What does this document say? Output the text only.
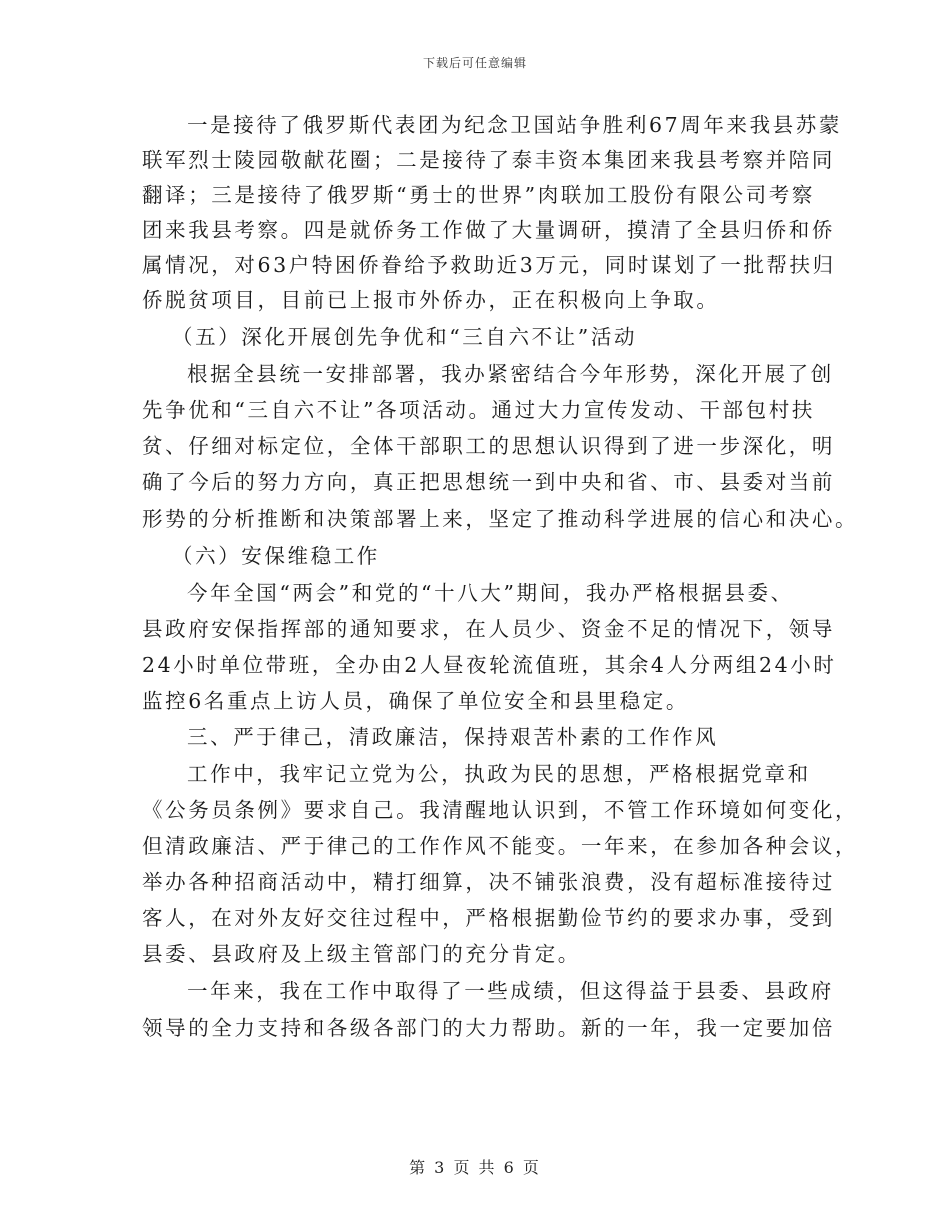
下载后可任意编辑
一是接待了俄罗斯代表团为纪念卫国站争胜利67周年来我县苏蒙
联军烈士陵园敬献花圈；二是接待了泰丰资本集团来我县考察并陪同
翻译；三是接待了俄罗斯“勇士的世界”肉联加工股份有限公司考察
团来我县考察。四是就侨务工作做了大量调研，摸清了全县归侨和侨
属情况，对63户特困侨眷给予救助近3万元，同时谋划了一批帮扶归
侨脱贫项目，目前已上报市外侨办，正在积极向上争取。
（五）深化开展创先争优和“三自六不让”活动
根据全县统一安排部署，我办紧密结合今年形势，深化开展了创
先争优和“三自六不让”各项活动。通过大力宣传发动、干部包村扶
贫、仔细对标定位，全体干部职工的思想认识得到了进一步深化，明
确了今后的努力方向，真正把思想统一到中央和省、市、县委对当前
形势的分析推断和决策部署上来，坚定了推动科学进展的信心和决心。
（六）安保维稳工作
今年全国“两会”和党的“十八大”期间，我办严格根据县委、
县政府安保指挥部的通知要求，在人员少、资金不足的情况下，领导
24小时单位带班，全办由2人昼夜轮流值班，其余4人分两组24小时
监控6名重点上访人员，确保了单位安全和县里稳定。
三、严于律己，清政廉洁，保持艰苦朴素的工作作风
工作中，我牢记立党为公，执政为民的思想，严格根据党章和
《公务员条例》要求自己。我清醒地认识到，不管工作环境如何变化，
但清政廉洁、严于律己的工作作风不能变。一年来，在参加各种会议，
举办各种招商活动中，精打细算，决不铺张浪费，没有超标准接待过
客人，在对外友好交往过程中，严格根据勤俭节约的要求办事，受到
县委、县政府及上级主管部门的充分肯定。
一年来，我在工作中取得了一些成绩，但这得益于县委、县政府
领导的全力支持和各级各部门的大力帮助。新的一年，我一定要加倍
第 3 页 共 6 页
